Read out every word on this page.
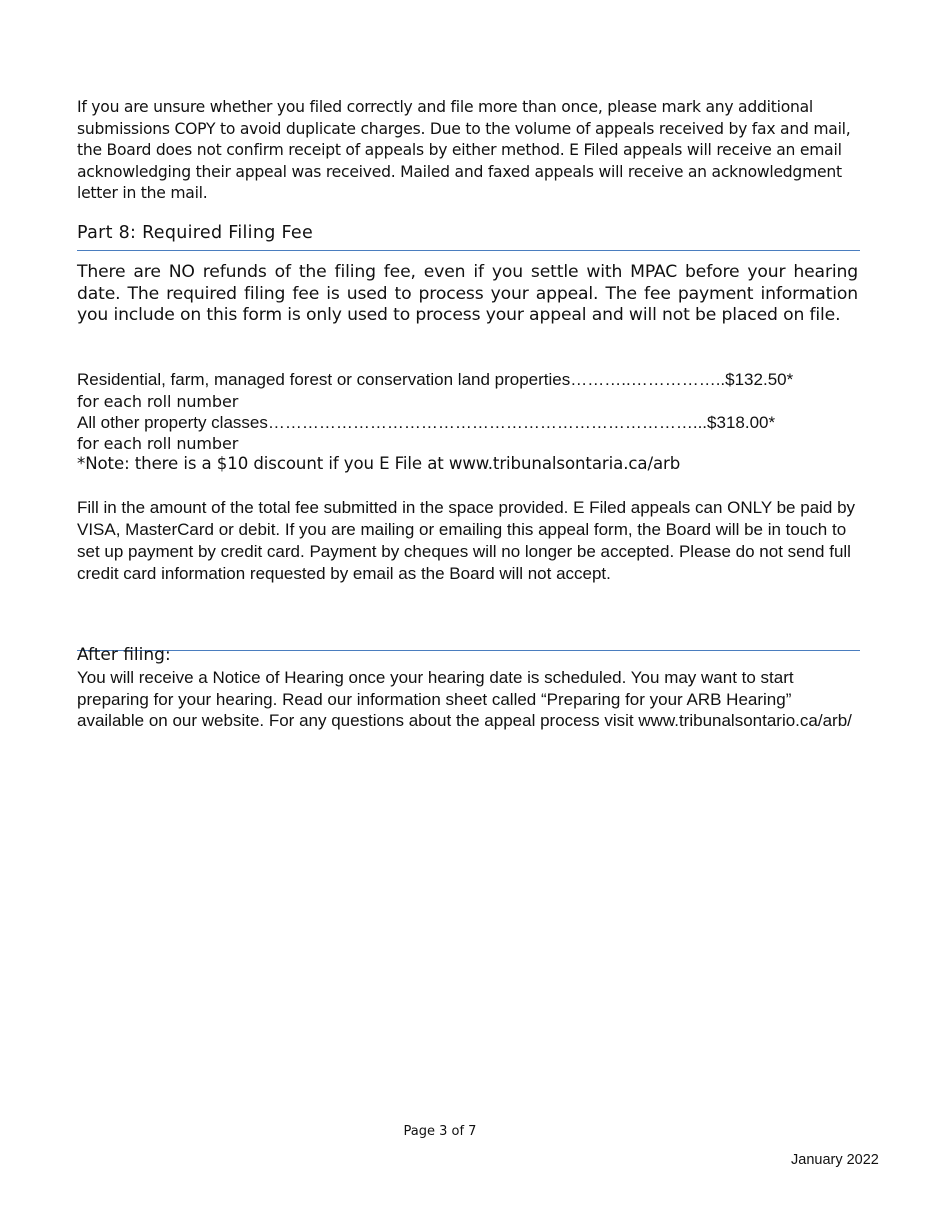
If you are unsure whether you filed correctly and file more than once, please mark any additional submissions COPY to avoid duplicate charges. Due to the volume of appeals received by fax and mail, the Board does not confirm receipt of appeals by either method. E Filed appeals will receive an email acknowledging their appeal was received. Mailed and faxed appeals will receive an acknowledgment letter in the mail.
Part 8: Required Filing Fee
There are NO refunds of the filing fee, even if you settle with MPAC before your hearing date. The required filing fee is used to process your appeal. The fee payment information you include on this form is only used to process your appeal and will not be placed on file.
Residential, farm, managed forest or conservation land properties………..……………..$132.50*
for each roll number
All other property classes…………………………………………………………………...$318.00*
for each roll number
*Note: there is a $10 discount if you E File at www.tribunalsontaria.ca/arb
Fill in the amount of the total fee submitted in the space provided. E Filed appeals can ONLY be paid by VISA, MasterCard or debit. If you are mailing or emailing this appeal form, the Board will be in touch to set up payment by credit card. Payment by cheques will no longer be accepted. Please do not send full credit card information requested by email as the Board will not accept.
After filing:
You will receive a Notice of Hearing once your hearing date is scheduled. You may want to start preparing for your hearing. Read our information sheet called “Preparing for your ARB Hearing” available on our website. For any questions about the appeal process visit www.tribunalsontario.ca/arb/
Page 3 of 7
January 2022
